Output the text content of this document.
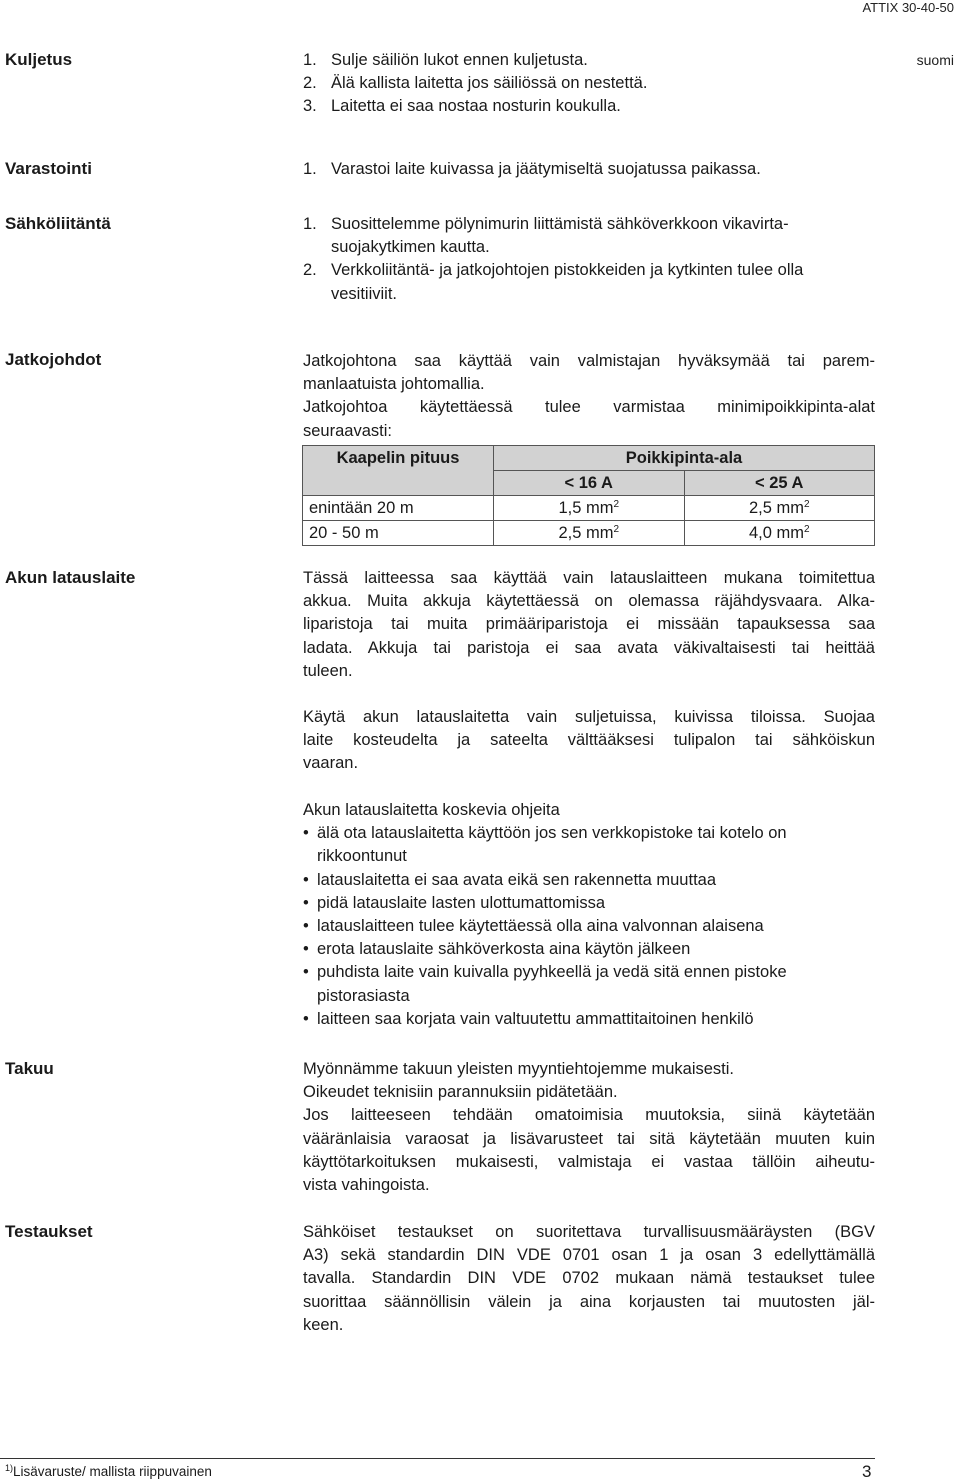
ATTIX 30-40-50
suomi
Kuljetus	1. Sulje säiliön lukot ennen kuljetusta.
2. Älä kallista laitetta jos säiliössä on nestettä.
3. Laitetta ei saa nostaa nosturin koukulla.
Varastointi	1. Varastoi laite kuivassa ja jäätymiseltä suojatussa paikassa.
Sähköliitäntä	1. Suosittelemme pölynimurin liittämistä sähköverkkoon vikavirta-
suojakytkimen kautta.
2. Verkkoliitäntä- ja jatkojohtojen pistokkeiden ja kytkinten tulee olla
vesitiiviit.
Jatkojohdot	Jatkojohtona saa käyttää vain valmistajan hyväksymää tai parem-
manlaatuista johtomallia.

Jatkojohtoa käytettäessä tulee varmistaa minimipoikkipinta-alat
seuraavasti:

Kaapelin pituus	Poikkipinta-ala	
	< 16 A	< 25 A
enintään 20 m	1,5 $mm^2$	2,5 $mm^2$
20 - 50 m	2,5 $mm^2$	4,0 $mm^2$
Akun latauslaite	Tässä laitteessa saa käyttää vain latauslaitteen mukana toimitettua
akkua. Muita akkuja käytettäessä on olemassa räjähdysvaara. Alka-
liparistoja tai muita primääriparistoja ei missään tapauksessa saa
ladata. Akkuja tai paristoja ei saa avata väkivaltaisesti tai heittää
tuleen.
Käytä akun latauslaitetta vain suljetuissa, kuivissa tiloissa. Suojaa
laite kosteudelta ja sateelta välttääksesi tulipalon tai sähköiskun
vaaran.
Akun latauslaitetta koskevia ohjeita
• älä ota latauslaitetta käyttöön jos sen verkkopistoke tai kotelo on
rikkoontunut
• latauslaitetta ei saa avata eikä sen rakennetta muuttaa
• pidä latauslaite lasten ulottumattomissa
• latauslaitteen tulee käytettäessä olla aina valvonnan alaisena
• erota latauslaite sähköverkosta aina käytön jälkeen
• puhdista laite vain kuivalla pyyhkeellä ja vedä sitä ennen pistoke
pistorasiasta
• laitteen saa korjata vain valtuutettu ammattitaitoinen henkilö
Takuu	Myönnämme takuun yleisten myyntiehtojemme mukaisesti.
Oikeudet teknisiin parannuksiin pidätetään.
Jos laitteeseen tehdään omatoimisia muutoksia, siinä käytetään
vääränlaisia varaosat ja lisävarusteet tai sitä käytetään muuten kuin
käyttötarkoituksen mukaisesti, valmistaja ei vastaa tällöin aiheutu-
vista vahingoista.
Testaukset	Sähköiset testaukset on suoritettava turvallisuusmääräysten (BGV
A3) sekä standardin DIN VDE 0701 osan 1 ja osan 3 edellyttämällä
tavalla. Standardin DIN VDE 0702 mukaan nämä testaukset tulee
suorittaa säännöllisin välein ja aina korjausten tai muutosten jäl-
keen.
$^{1)}$Lisävaruste/ mallista riippuvainen	3
